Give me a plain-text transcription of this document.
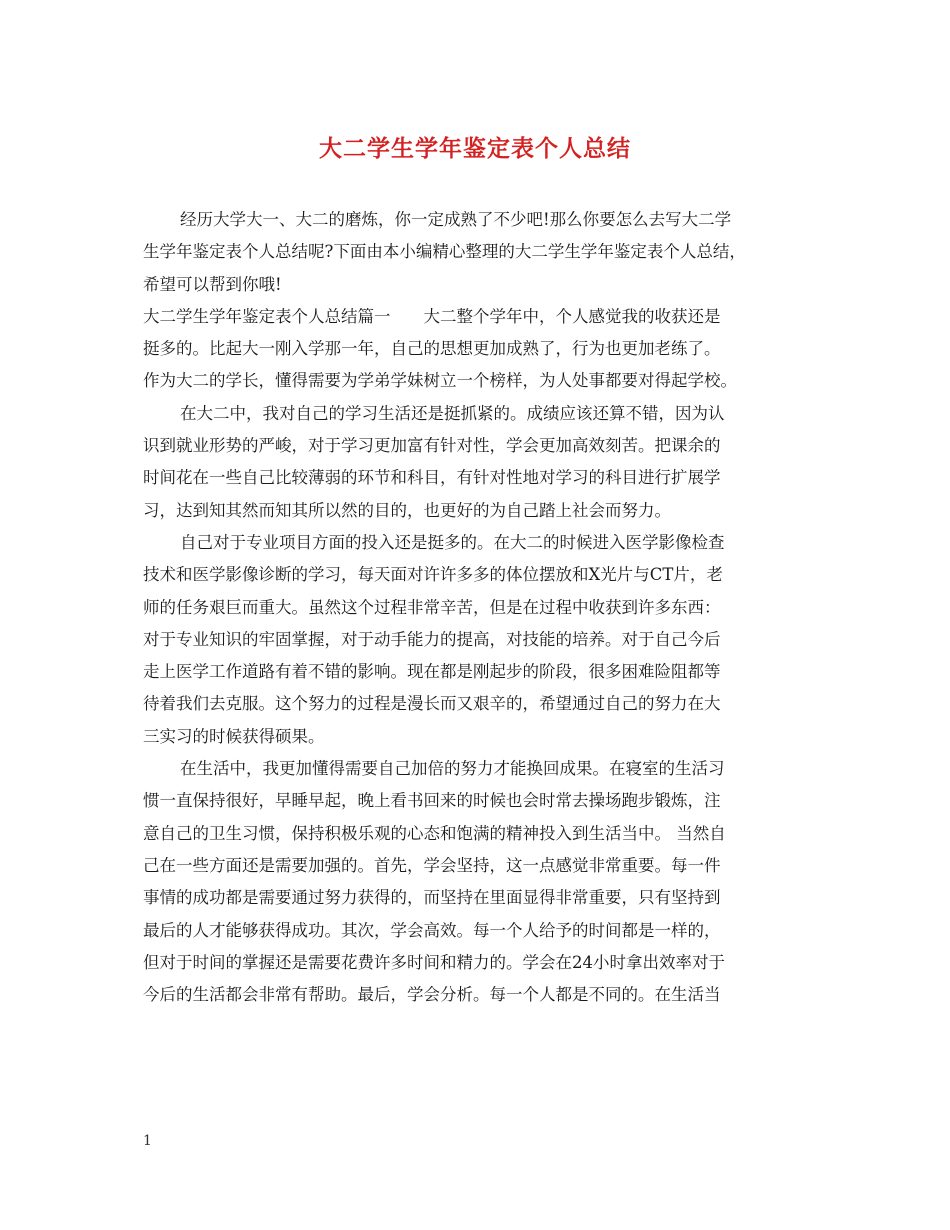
大二学生学年鉴定表个人总结
经历大学大一、大二的磨炼，你一定成熟了不少吧!那么你要怎么去写大二学
生学年鉴定表个人总结呢?下面由本小编精心整理的大二学生学年鉴定表个人总结，
希望可以帮到你哦!
大二学生学年鉴定表个人总结篇一　　大二整个学年中，个人感觉我的收获还是
挺多的。比起大一刚入学那一年，自己的思想更加成熟了，行为也更加老练了。
作为大二的学长，懂得需要为学弟学妹树立一个榜样，为人处事都要对得起学校。
在大二中，我对自己的学习生活还是挺抓紧的。成绩应该还算不错，因为认
识到就业形势的严峻，对于学习更加富有针对性，学会更加高效刻苦。把课余的
时间花在一些自己比较薄弱的环节和科目，有针对性地对学习的科目进行扩展学
习，达到知其然而知其所以然的目的，也更好的为自己踏上社会而努力。
自己对于专业项目方面的投入还是挺多的。在大二的时候进入医学影像检查
技术和医学影像诊断的学习，每天面对许许多多的体位摆放和X光片与CT片，老
师的任务艰巨而重大。虽然这个过程非常辛苦，但是在过程中收获到许多东西：
对于专业知识的牢固掌握，对于动手能力的提高，对技能的培养。对于自己今后
走上医学工作道路有着不错的影响。现在都是刚起步的阶段，很多困难险阻都等
待着我们去克服。这个努力的过程是漫长而又艰辛的，希望通过自己的努力在大
三实习的时候获得硕果。
在生活中，我更加懂得需要自己加倍的努力才能换回成果。在寝室的生活习
惯一直保持很好，早睡早起，晚上看书回来的时候也会时常去操场跑步锻炼，注
意自己的卫生习惯，保持积极乐观的心态和饱满的精神投入到生活当中。 当然自
己在一些方面还是需要加强的。首先，学会坚持，这一点感觉非常重要。每一件
事情的成功都是需要通过努力获得的，而坚持在里面显得非常重要，只有坚持到
最后的人才能够获得成功。其次，学会高效。每一个人给予的时间都是一样的，
但对于时间的掌握还是需要花费许多时间和精力的。学会在24小时拿出效率对于
今后的生活都会非常有帮助。最后，学会分析。每一个人都是不同的。在生活当
1
